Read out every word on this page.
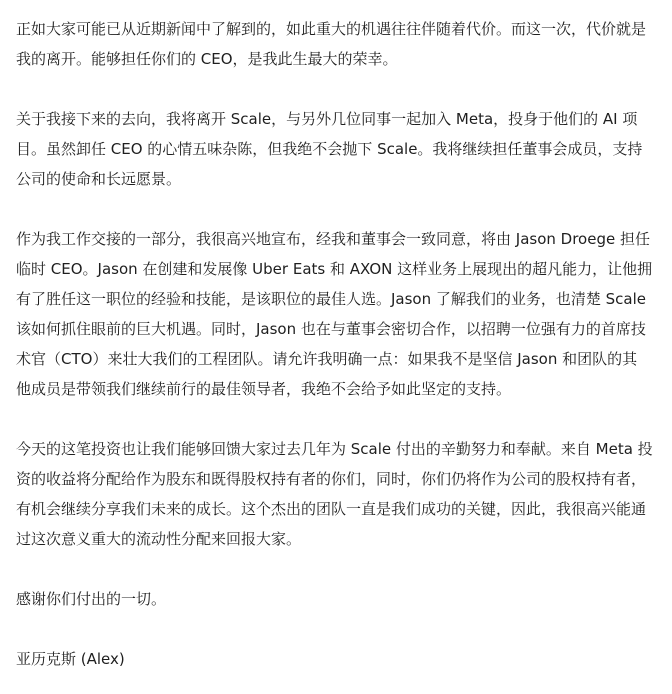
正如大家可能已从近期新闻中了解到的，如此重大的机遇往往伴随着代价。而这一次，代价就是
我的离开。能够担任你们的 CEO，是我此生最大的荣幸。

关于我接下来的去向，我将离开 Scale，与另外几位同事一起加入 Meta，投身于他们的 AI 项
目。虽然卸任 CEO 的心情五味杂陈，但我绝不会抛下 Scale。我将继续担任董事会成员，支持
公司的使命和长远愿景。

作为我工作交接的一部分，我很高兴地宣布，经我和董事会一致同意，将由 Jason Droege 担任
临时 CEO。Jason 在创建和发展像 Uber Eats 和 AXON 这样业务上展现出的超凡能力，让他拥
有了胜任这一职位的经验和技能，是该职位的最佳人选。Jason 了解我们的业务，也清楚 Scale
该如何抓住眼前的巨大机遇。同时，Jason 也在与董事会密切合作，以招聘一位强有力的首席技
术官（CTO）来壮大我们的工程团队。请允许我明确一点：如果我不是坚信 Jason 和团队的其
他成员是带领我们继续前行的最佳领导者，我绝不会给予如此坚定的支持。

今天的这笔投资也让我们能够回馈大家过去几年为 Scale 付出的辛勤努力和奉献。来自 Meta 投
资的收益将分配给作为股东和既得股权持有者的你们，同时，你们仍将作为公司的股权持有者，
有机会继续分享我们未来的成长。这个杰出的团队一直是我们成功的关键，因此，我很高兴能通
过这次意义重大的流动性分配来回报大家。

感谢你们付出的一切。

亚历克斯 (Alex)
